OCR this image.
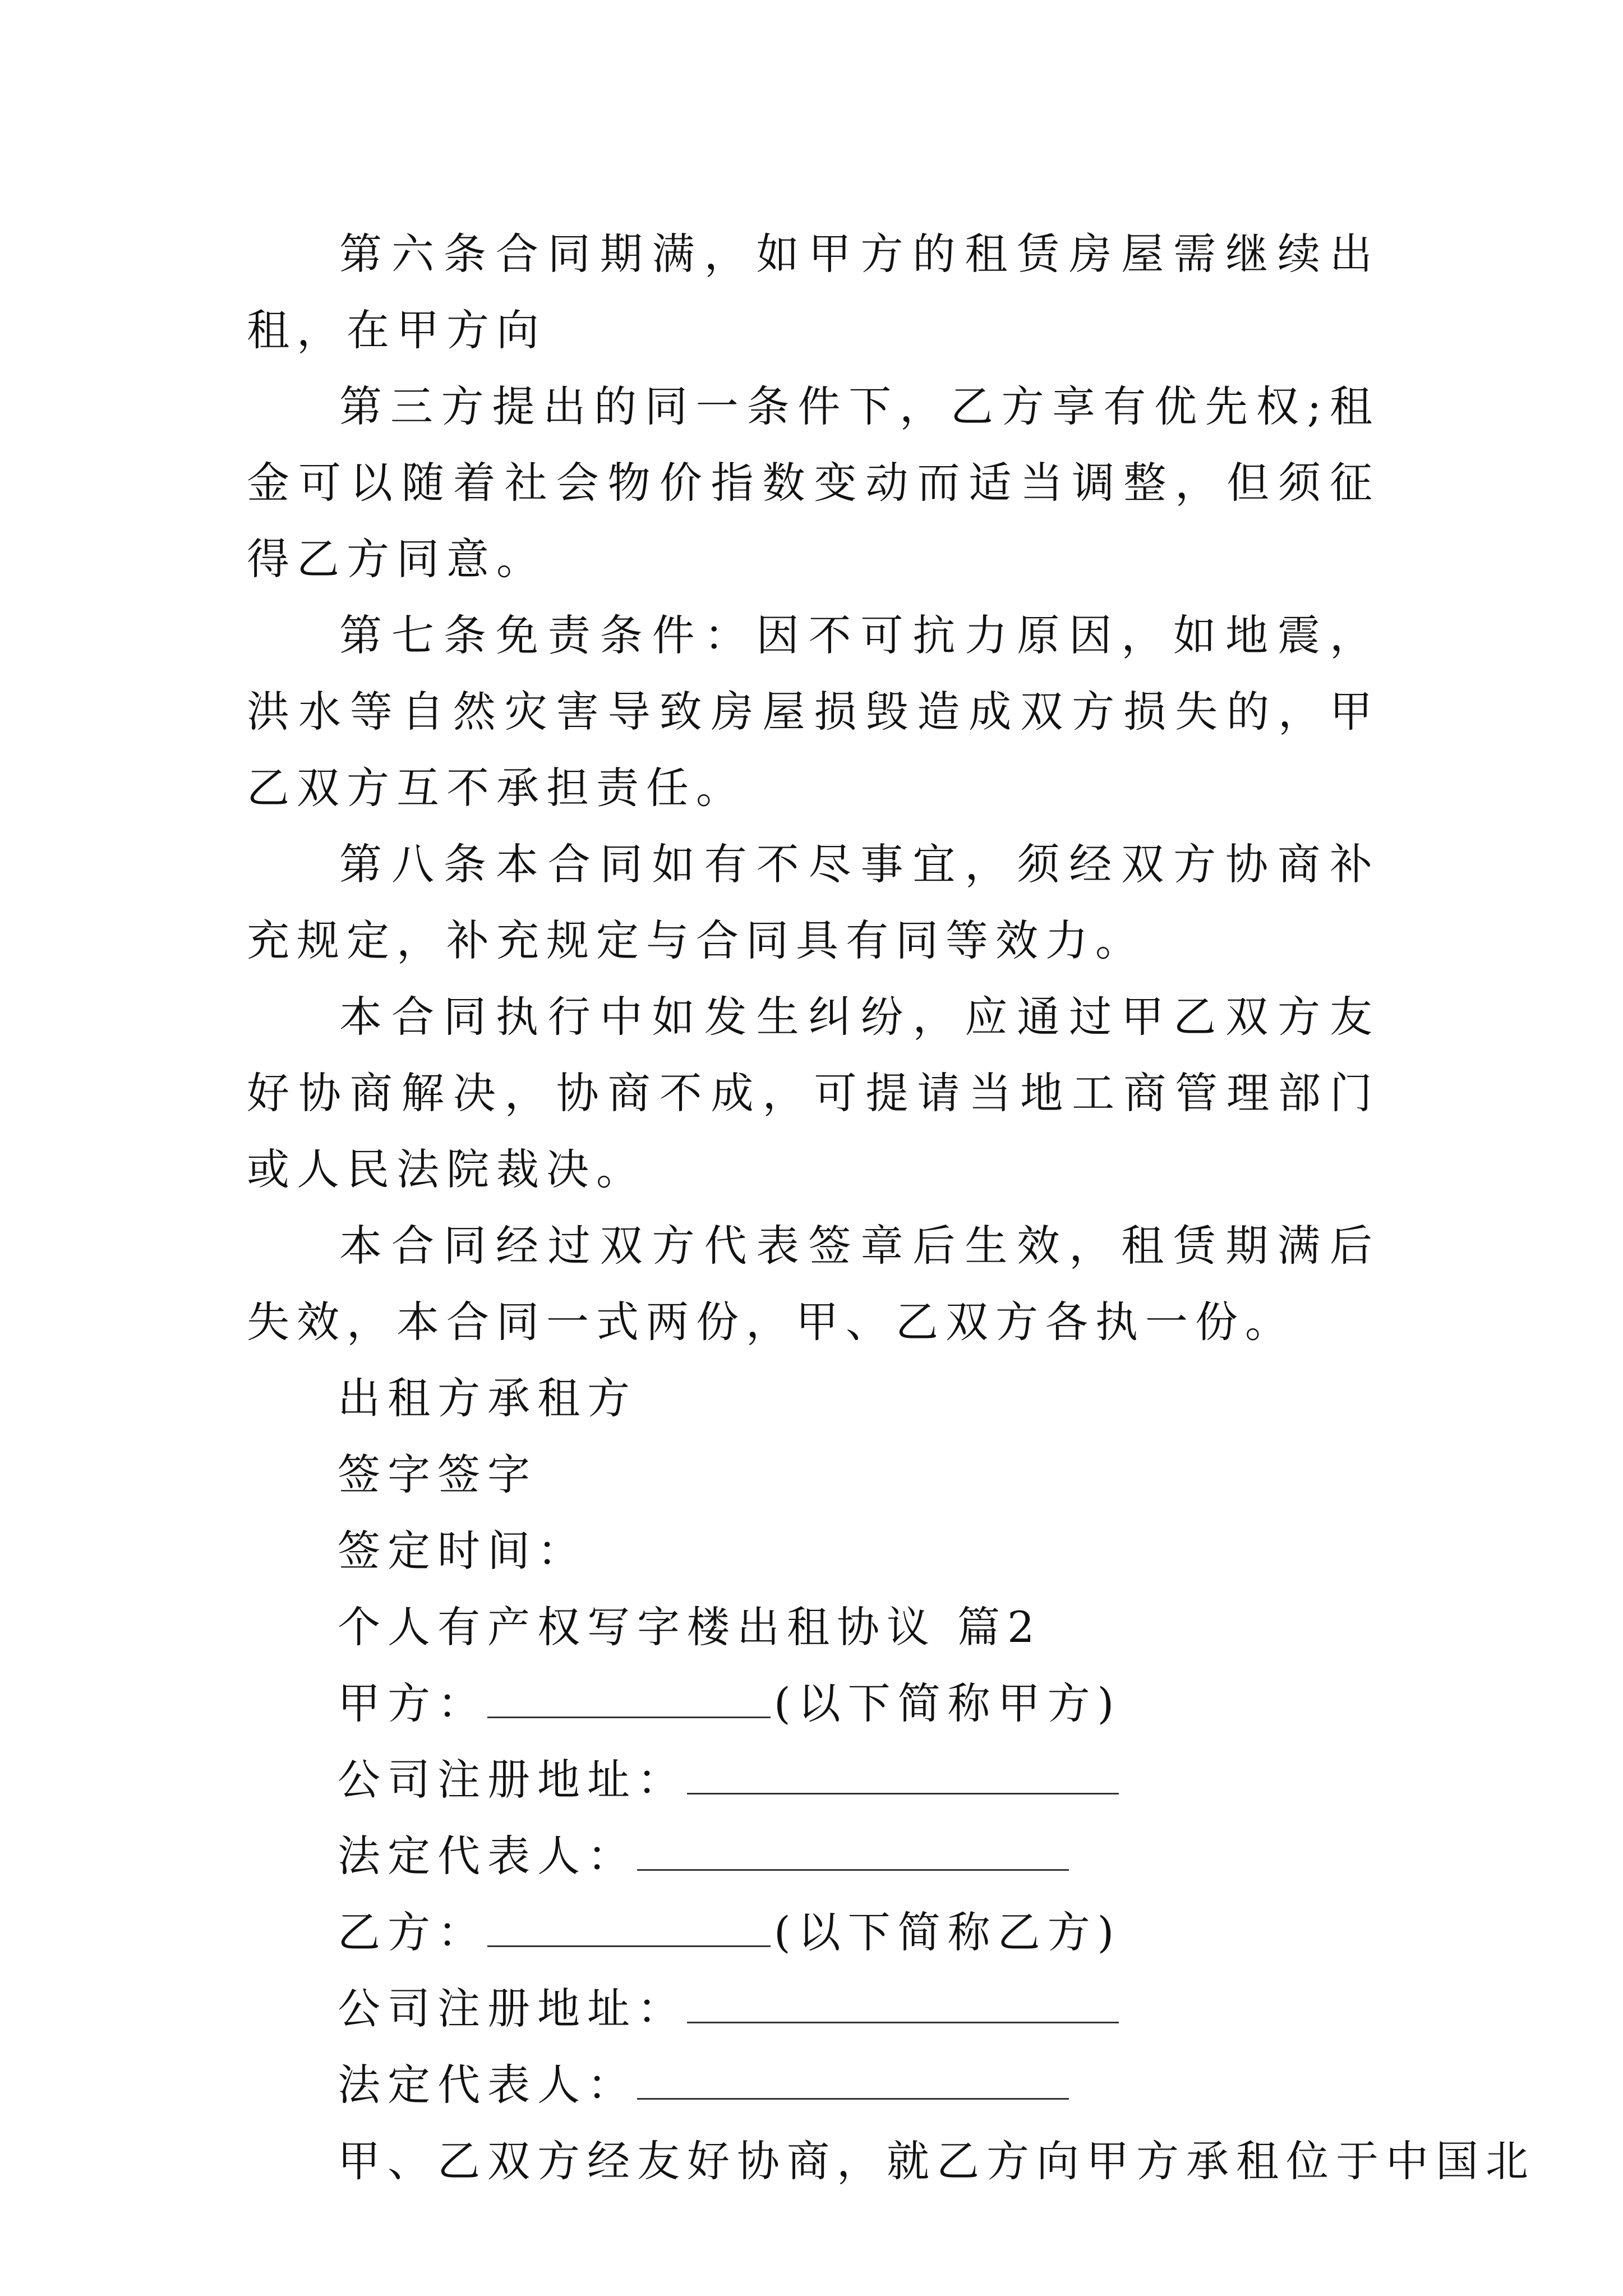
第六条合同期满，如甲方的租赁房屋需继续出租，在甲方向

第三方提出的同一条件下，乙方享有优先权;租金可以随着社会物价指数变动而适当调整，但须征得乙方同意。

第七条免责条件：因不可抗力原因，如地震，洪水等自然灾害导致房屋损毁造成双方损失的，甲乙双方互不承担责任。

第八条本合同如有不尽事宜，须经双方协商补充规定，补充规定与合同具有同等效力。

本合同执行中如发生纠纷，应通过甲乙双方友好协商解决，协商不成，可提请当地工商管理部门或人民法院裁决。

本合同经过双方代表签章后生效，租赁期满后失效，本合同一式两份，甲、乙双方各执一份。

出租方承租方
签字签字
签定时间：
个人有产权写字楼出租协议 篇2
甲方：	(以下简称甲方)
公司注册地址：
法定代表人：
乙方：	(以下简称乙方)
公司注册地址：
法定代表人：
甲、乙双方经友好协商，就乙方向甲方承租位于中国北
